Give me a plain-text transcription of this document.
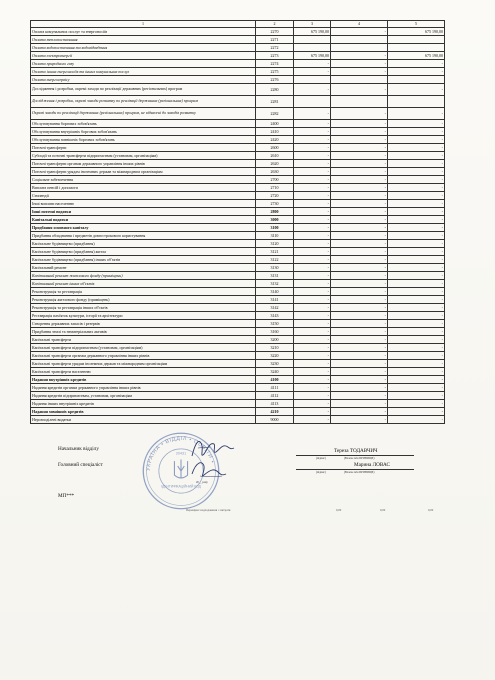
1	2	3	4	5
Оплата комунальних послуг та енергоносіїв	2270	675 190,00	-	675 190,00
Оплата теплопостачання	2271			
Оплата водопостачання та водовідведення	2272			
Оплата електроенергії	2273	675 190,00	-	675 190,00
Оплата природного газу	2274	-	-	-
Оплата інших енергоносіїв та інших комунальних послуг	2275	-	-	-
Оплата енергосервісу	2276			

Дослідження і розробки, окремі заходи по реалізації державних (регіональних) програм	2280	-	-	-

Дослідження і розробки, окремі заходи розвитку по реалізації державних (регіональних) програм	2281			

Окремі заходи по реалізації державних (регіональних) програм, не віднесені до заходів розвитку	2282	-	-	-
Обслуговування боргових зобов'язань	2400	-	-	-
Обслуговування внутрішніх боргових зобов'язань	2410	-	-	-
Обслуговування зовнішніх боргових зобов'язань	2420	-	-	-
Поточні трансферти	2600	-	-	-
Субсидії та поточні трансферти підприємствам (установам, організаціям)	2610	-	-	-
Поточні трансферти органам державного управління інших рівнів	2620	-	-	-
Поточні трансферти урядам іноземних держав та міжнародним організаціям	2630	-	-	-
Соціальне забезпечення	2700	-	-	-
Виплата пенсій і допомоги	2710	-	-	-
Стипендії	2720	-	-	-
Інші виплати населенню	2730	-	-	-
Інші поточні видатки	2800	-	-	-
Капітальні видатки	3000	-	-	-
Придбання основного капіталу	3100	-	-	-
Придбання обладнання і предметів довгострокового користування	3110	-	-	-
Капітальне будівництво (придбання)	3120	-	-	-
Капітальне будівництво (придбання) житла	3121	-	-	-
Капітальне будівництво (придбання) інших об'єктів	3122	-	-	-
Капітальний ремонт	3130	-	-	-
Капітальний ремонт житлового фонду (приміщень)	3131	-	-	-
Капітальний ремонт інших об'єктів	3132	-	-	-
Реконструкція та реставрація	3140	-	-	-
Реконструкція житлового фонду (приміщень)	3141	-	-	-
Реконструкція та реставрація інших об'єктів	3142	-	-	-
Реставрація пам'яток культури, історії та архітектури	3143	-	-	-
Створення державних запасів і резервів	3150	-	-	-
Придбання землі та нематеріальних активів	3160	-	-	-
Капітальні трансферти	3200	-	-	-
Капітальні трансферти підприємствам (установам, організаціям)	3210	-	-	-
Капітальні трансферти органам державного управління інших рівнів	3220	-	-	-
Капітальні трансферти урядам іноземних держав та міжнародним організаціям	3230	-	-	-
Капітальні трансферти населенню	3240	-	-	-
Надання внутрішніх кредитів	4100	-	-	-
Надання кредитів органам державного управління інших рівнів	4111	-	-	-
Надання кредитів підприємствам, установам, організаціям	4112	-	-	-
Надання інших внутрішніх кредитів	4113	-	-	-
Надання зовнішніх кредитів	4210	-	-	-
Нерозподілені видатки	9000	-	-	-
Начальник відділу	Тереза ТОДАВЧИЧ
(підпис)	(Власне ім'я ПРІЗВИЩЕ)
Головний спеціаліст	Марина ЛОВАС
(підпис)	(Власне ім'я ПРІЗВИЩЕ)
20__ року
МП***
Перевірка: надходження = витрати	0,00	0,00	0,00
УКРАЇНА • ВІДДІЛ • ОСВІТИ •
ІДЕНТИФІКАЦІЙНИЙ КОД
20431
